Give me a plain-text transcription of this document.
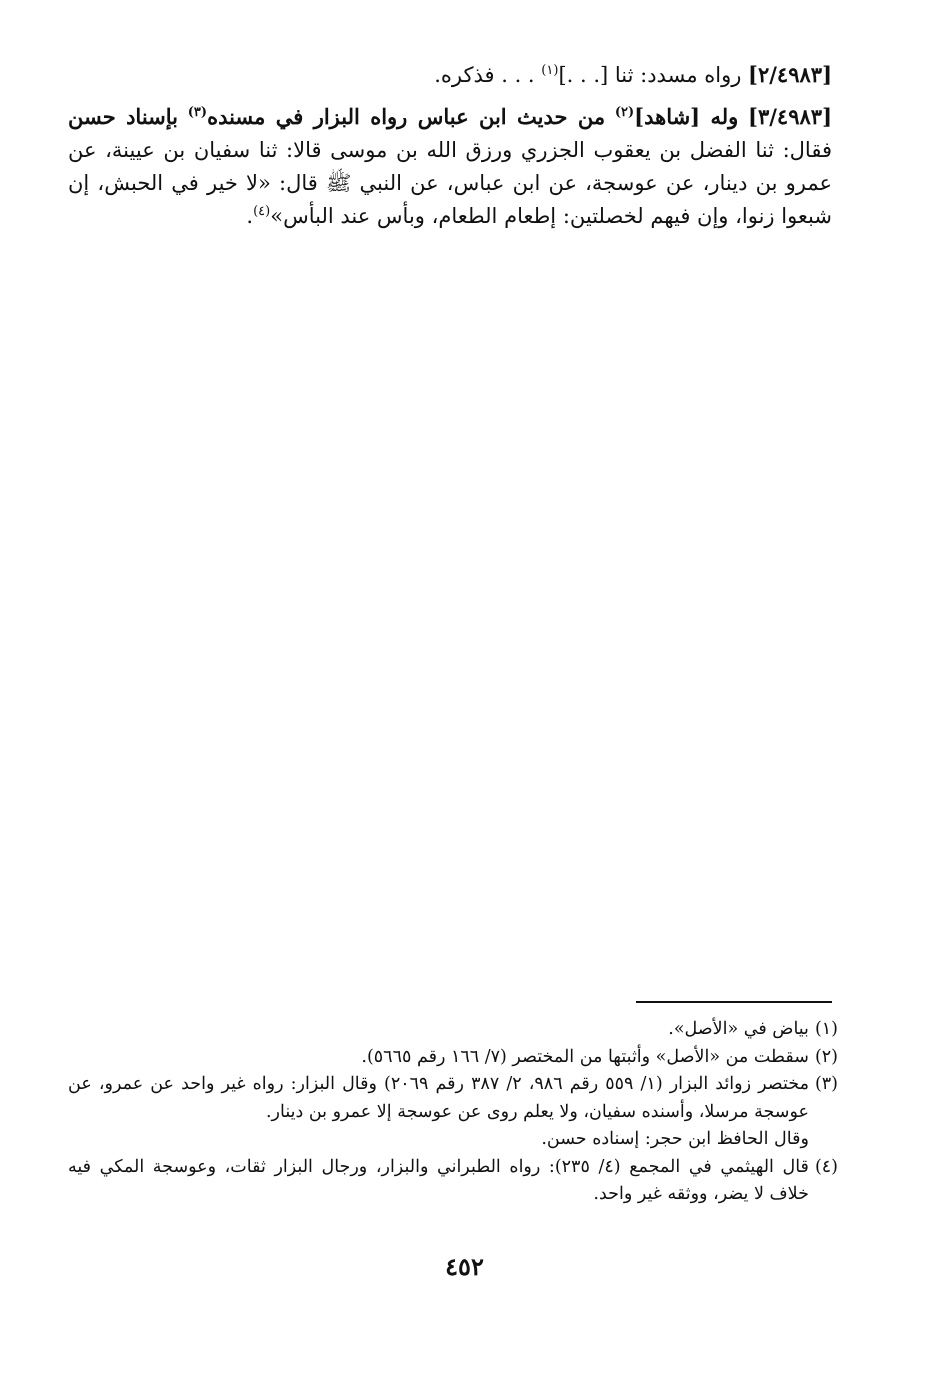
[٢/٤٩٨٣] رواه مسدد: ثنا [. . .]$^{(١)}$ . . . فذكره.

[٣/٤٩٨٣] وله [شاهد]$^{(٢)}$ من حديث ابن عباس رواه البزار في مسنده$^{(٣)}$ بإسناد حسن فقال: ثنا الفضل بن يعقوب الجزري ورزق الله بن موسى قالا: ثنا سفيان بن عيينة، عن عمرو بن دينار، عن عوسجة، عن ابن عباس، عن النبي ﷺ قال: «لا خير في الحبش، إن شبعوا زنوا، وإن فيهم لخصلتين: إطعام الطعام، وبأس عند البأس»$^{(٤)}$.

(١)
بياض في «الأصل».
(٢)
سقطت من «الأصل» وأثبتها من المختصر (٧/ ١٦٦ رقم ٥٦٦٥).
(٣)
مختصر زوائد البزار (١/ ٥٥٩ رقم ٩٨٦، ٢/ ٣٨٧ رقم ٢٠٦٩) وقال البزار: رواه غير واحد عن عمرو، عن عوسجة مرسلا، وأسنده سفيان، ولا يعلم روى عن عوسجة إلا عمرو بن دينار.
وقال الحافظ ابن حجر: إسناده حسن.
(٤)
قال الهيثمي في المجمع (٤/ ٢٣٥): رواه الطبراني والبزار، ورجال البزار ثقات، وعوسجة المكي فيه خلاف لا يضر، ووثقه غير واحد.
٤٥٢
